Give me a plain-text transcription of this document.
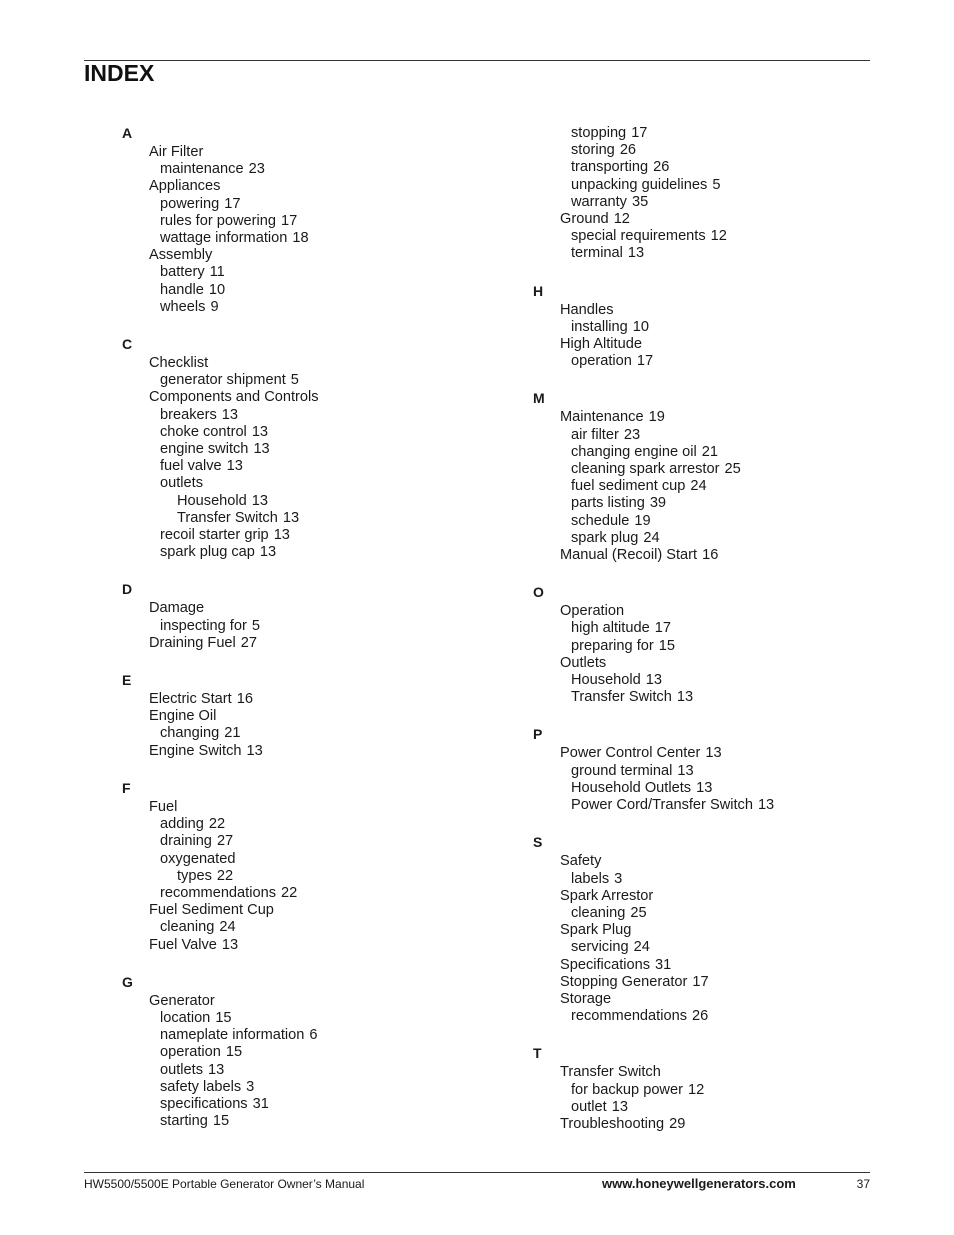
INDEX
A
Air Filter
maintenance 23
Appliances
powering 17
rules for powering 17
wattage information 18
Assembly
battery 11
handle 10
wheels 9
C
Checklist
generator shipment 5
Components and Controls
breakers 13
choke control 13
engine switch 13
fuel valve 13
outlets
Household 13
Transfer Switch 13
recoil starter grip 13
spark plug cap 13
D
Damage
inspecting for 5
Draining Fuel 27
E
Electric Start 16
Engine Oil
changing 21
Engine Switch 13
F
Fuel
adding 22
draining 27
oxygenated
types 22
recommendations 22
Fuel Sediment Cup
cleaning 24
Fuel Valve 13
G
Generator
location 15
nameplate information 6
operation 15
outlets 13
safety labels 3
specifications 31
starting 15
stopping 17
storing 26
transporting 26
unpacking guidelines 5
warranty 35
Ground 12
special requirements 12
terminal 13
H
Handles
installing 10
High Altitude
operation 17
M
Maintenance 19
air filter 23
changing engine oil 21
cleaning spark arrestor 25
fuel sediment cup 24
parts listing 39
schedule 19
spark plug 24
Manual (Recoil) Start 16
O
Operation
high altitude 17
preparing for 15
Outlets
Household 13
Transfer Switch 13
P
Power Control Center 13
ground terminal 13
Household Outlets 13
Power Cord/Transfer Switch 13
S
Safety
labels 3
Spark Arrestor
cleaning 25
Spark Plug
servicing 24
Specifications 31
Stopping Generator 17
Storage
recommendations 26
T
Transfer Switch
for backup power 12
outlet 13
Troubleshooting 29
HW5500/5500E Portable Generator Owner’s Manual	www.honeywellgenerators.com	37
